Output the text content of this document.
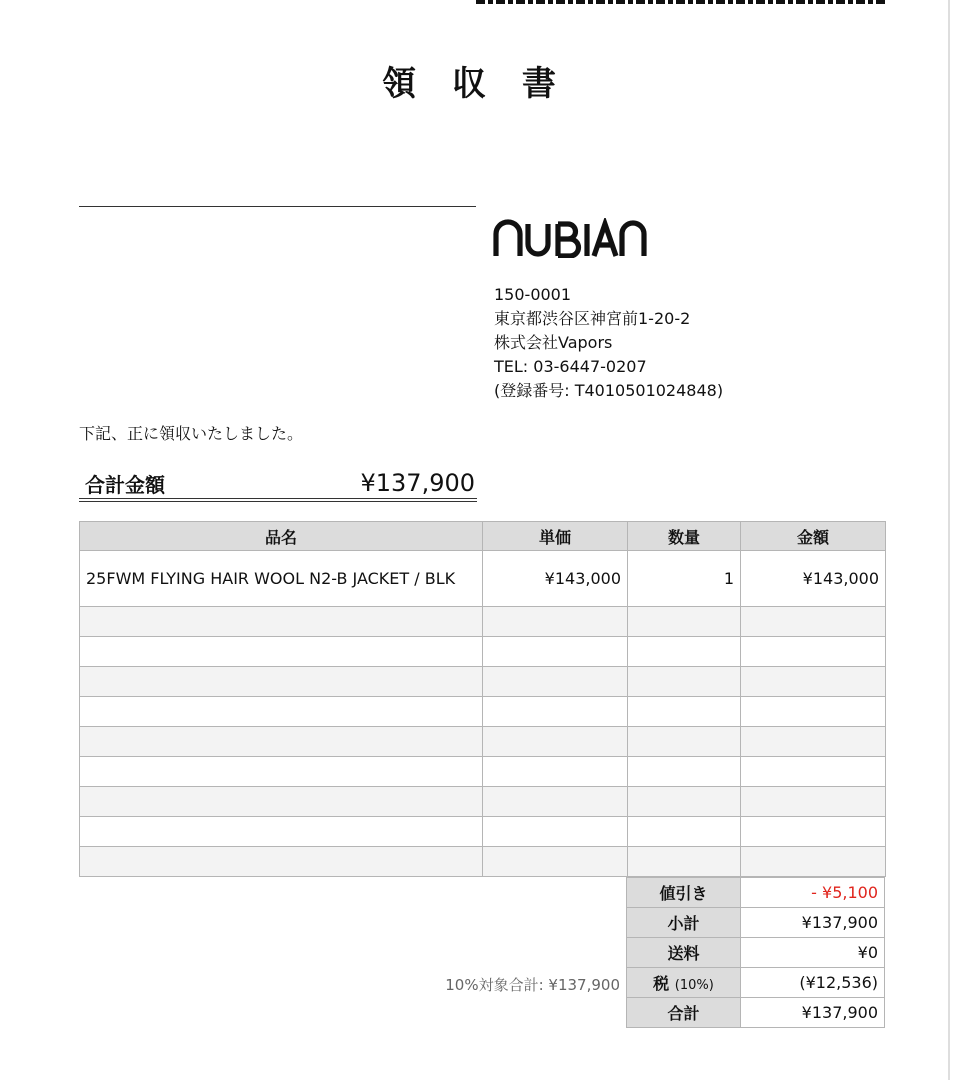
領 収 書
150-0001
東京都渋谷区神宮前1-20-2
株式会社Vapors
TEL: 03-6447-0207
(登録番号: T4010501024848)
下記、正に領収いたしました。
合計金額	¥137,900
品名	単価	数量	金額
25FWM FLYING HAIR WOOL N2-B JACKET / BLK	¥143,000	1	¥143,000

値引き	- ¥5,100
小計	¥137,900
送料	¥0
税 (10%)	(¥12,536)
合計	¥137,900
10%対象合計: ¥137,900
